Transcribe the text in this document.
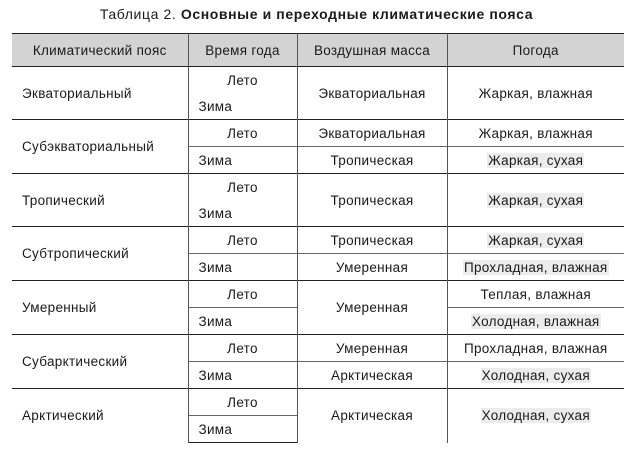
Таблица 2. Основные и переходные климатические пояса
Климатический пояс	Время года	Воздушная масса	Погода
Экваториальный	Лето	Экваториальная	Жаркая, влажная
	Зима		
Субэкваториальный	Лето	Экваториальная	Жаркая, влажная
	Зима	Тропическая	Жаркая, сухая
Тропический	Лето	Тропическая	Жаркая, сухая
	Зима		
Субтропический	Лето	Тропическая	Жаркая, сухая
	Зима	Умеренная	Прохладная, влажная
Умеренный	Лето	Умеренная	Теплая, влажная
	Зима		Холодная, влажная
Субарктический	Лето	Умеренная	Прохладная, влажная
	Зима	Арктическая	Холодная, сухая
Арктический	Лето	Арктическая	Холодная, сухая
	Зима		
